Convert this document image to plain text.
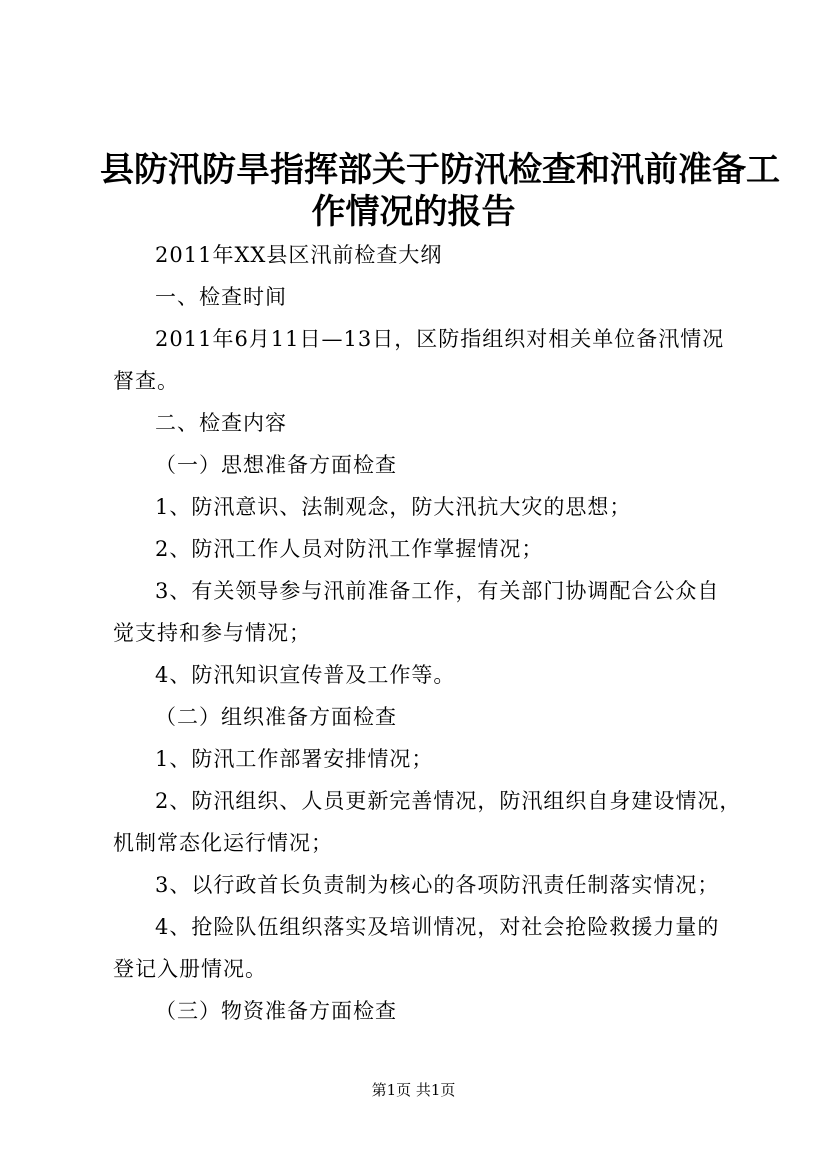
县防汛防旱指挥部关于防汛检查和汛前准备工
作情况的报告
2011年XX县区汛前检查大纲
一、检查时间
2011年6月11日—13日，区防指组织对相关单位备汛情况
督查。
二、检查内容
（一）思想准备方面检查
1、防汛意识、法制观念，防大汛抗大灾的思想；
2、防汛工作人员对防汛工作掌握情况；
3、有关领导参与汛前准备工作，有关部门协调配合公众自
觉支持和参与情况；
4、防汛知识宣传普及工作等。
（二）组织准备方面检查
1、防汛工作部署安排情况；
2、防汛组织、人员更新完善情况，防汛组织自身建设情况，
机制常态化运行情况；
3、以行政首长负责制为核心的各项防汛责任制落实情况；
4、抢险队伍组织落实及培训情况，对社会抢险救援力量的
登记入册情况。
（三）物资准备方面检查
第1页 共1页
